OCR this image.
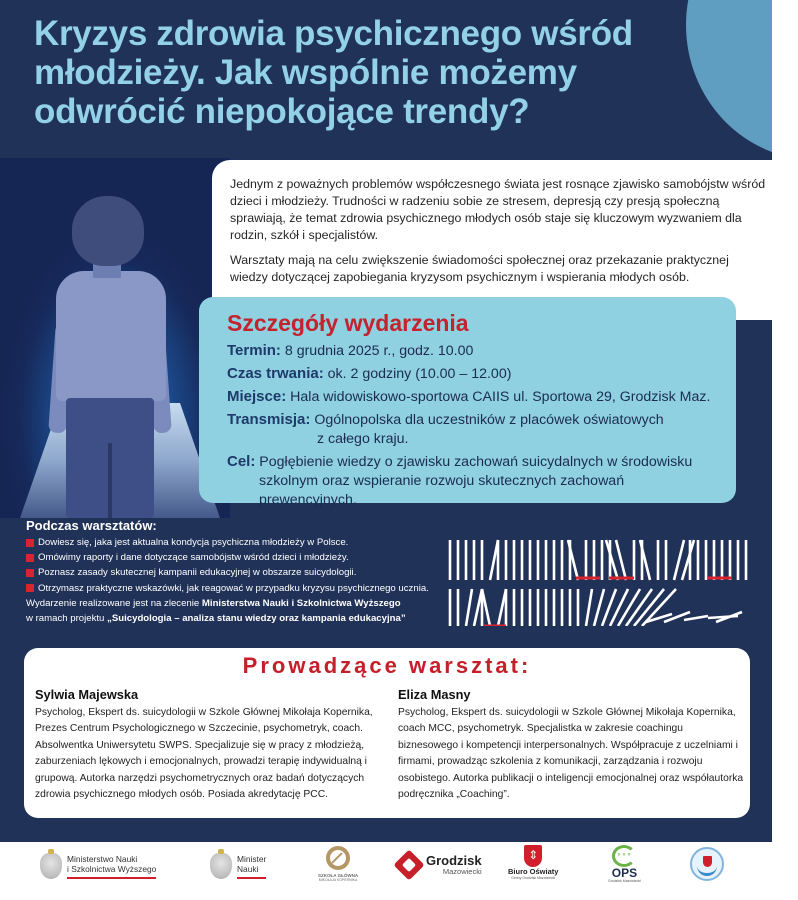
Kryzys zdrowia psychicznego wśród młodzieży. Jak wspólnie możemy odwrócić niepokojące trendy?

Jednym z poważnych problemów współczesnego świata jest rosnące zjawisko samobójstw wśród dzieci i młodzieży. Trudności w radzeniu sobie ze stresem, depresją czy presją społeczną sprawiają, że temat zdrowia psychicznego młodych osób staje się kluczowym wyzwaniem dla rodzin, szkół i specjalistów.

Warsztaty mają na celu zwiększenie świadomości społecznej oraz przekazanie praktycznej wiedzy dotyczącej zapobiegania kryzysom psychicznym i wspierania młodych osób.

Szczegóły wydarzenia
Termin: 8 grudnia 2025 r., godz. 10.00
Czas trwania: ok. 2 godziny (10.00 – 12.00)
Miejsce: Hala widowiskowo-sportowa CAIIS ul. Sportowa 29, Grodzisk Maz.
Transmisja: Ogólnopolska dla uczestników z placówek oświatowych
z całego kraju.
Cel: Pogłębienie wiedzy o zjawisku zachowań suicydalnych w środowisku
szkolnym oraz wspieranie rozwoju skutecznych zachowań prewencyjnych.
Podczas warsztatów:
Dowiesz się, jaka jest aktualna kondycja psychiczna młodzieży w Polsce.
Omówimy raporty i dane dotyczące samobójstw wśród dzieci i młodzieży.
Poznasz zasady skutecznej kampanii edukacyjnej w obszarze suicydologii.
Otrzymasz praktyczne wskazówki, jak reagować w przypadku kryzysu psychicznego ucznia.
Wydarzenie realizowane jest na zlecenie Ministerstwa Nauki i Szkolnictwa Wyższego
w ramach projektu „Suicydologia – analiza stanu wiedzy oraz kampania edukacyjna”
Prowadzące warsztat:
Sylwia Majewska

Psycholog, Ekspert ds. suicydologii w Szkole Głównej Mikołaja Kopernika, Prezes Centrum Psychologicznego w Szczecinie, psychometryk, coach. Absolwentka Uniwersytetu SWPS. Specjalizuje się w pracy z młodzieżą, zaburzeniach lękowych i emocjonalnych, prowadzi terapię indywidualną i grupową. Autorka narzędzi psychometrycznych oraz badań dotyczących zdrowia psychicznego młodych osób. Posiada akredytację PCC.

Eliza Masny

Psycholog, Ekspert ds. suicydologii w Szkole Głównej Mikołaja Kopernika, coach MCC, psychometryk. Specjalistka w zakresie coachingu biznesowego i kompetencji interpersonalnych. Współpracuje z uczelniami i firmami, prowadząc szkolenia z komunikacji, zarządzania i rozwoju osobistego. Autorka publikacji o inteligencji emocjonalnej oraz współautorka podręcznika „Coaching”.

Ministerstwo Nauki
i Szkolnictwa Wyższego
Minister
Nauki
SZKOŁA GŁÓWNA
MIKOŁAJA KOPERNIKA
Grodzisk
Mazowiecki
⇕
Biuro Oświaty
Gminy Grodzisk Mazowiecki
∘∘∘	OPS
Grodzisk Mazowiecki
